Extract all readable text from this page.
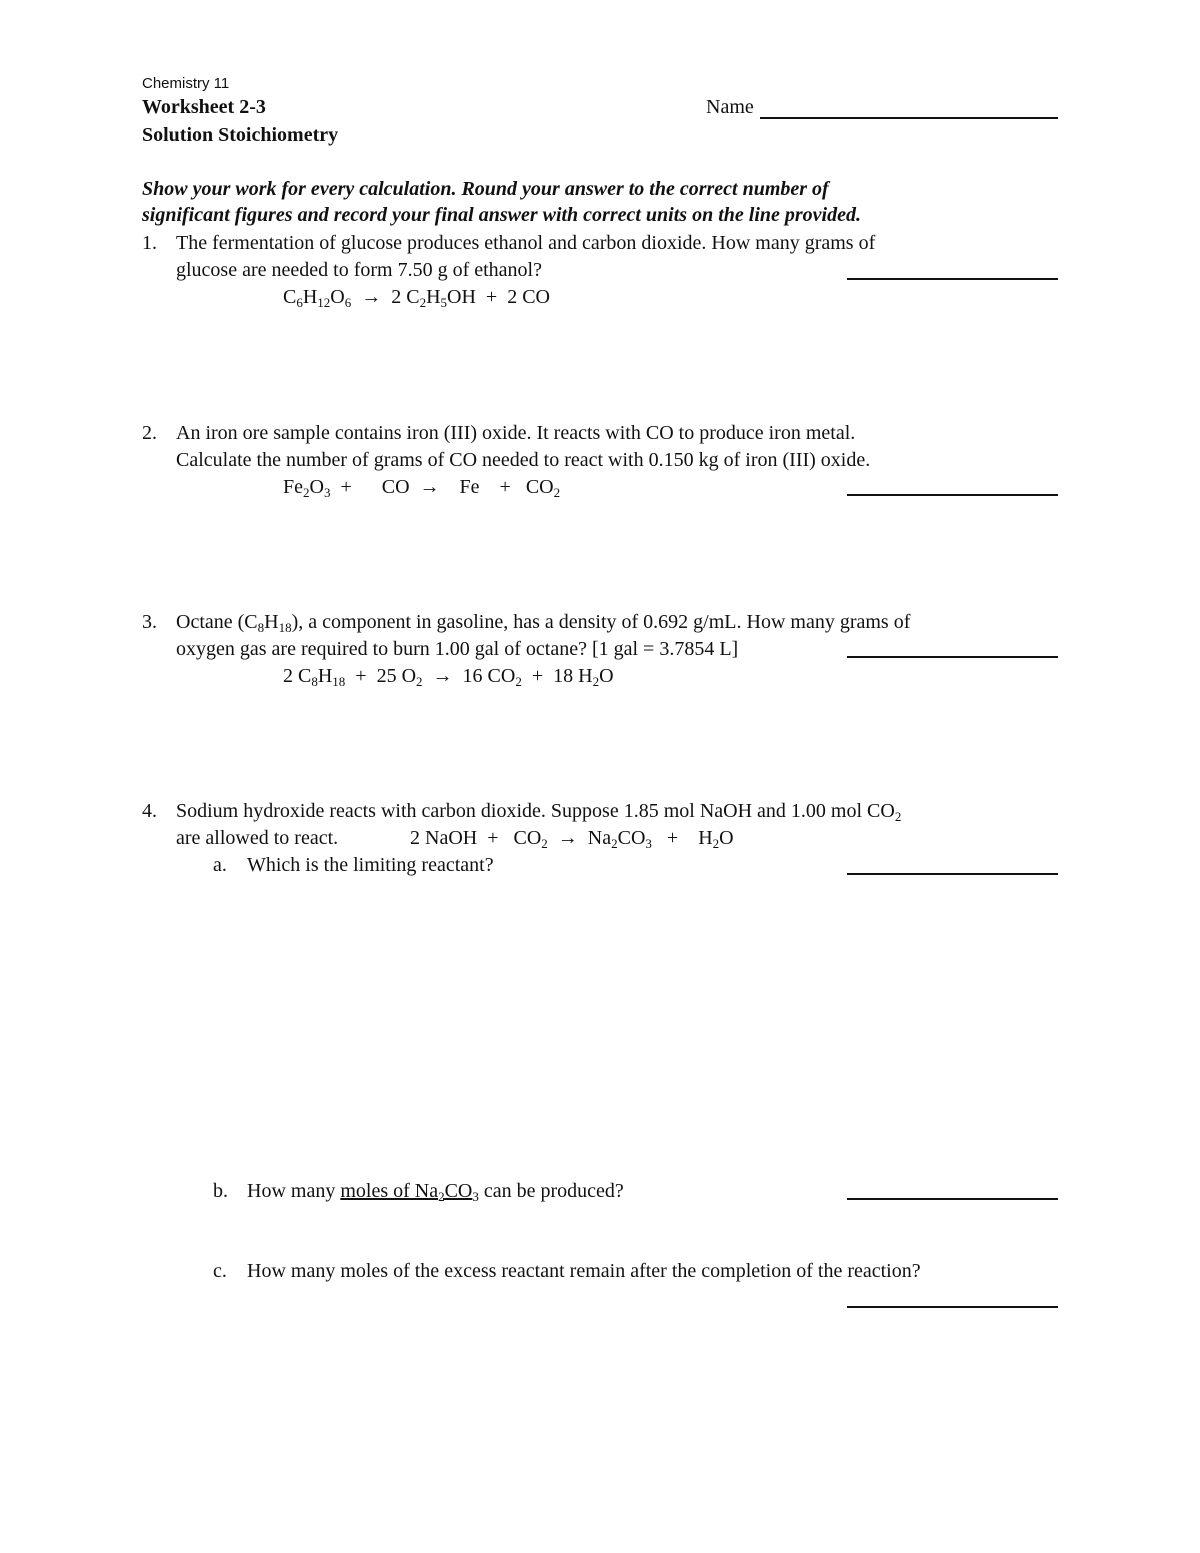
Chemistry 11
Worksheet 2-3
Solution Stoichiometry
Name
Show your work for every calculation. Round your answer to the correct number of
significant figures and record your final answer with correct units on the line provided.
1. The fermentation of glucose produces ethanol and carbon dioxide. How many grams of
glucose are needed to form 7.50 g of ethanol?
$C_6H_{12}O_6 \to 2$ $C_2H_5OH + 2$ CO
2. An iron ore sample contains iron (III) oxide. It reacts with CO to produce iron metal.
Calculate the number of grams of CO needed to react with 0.150 kg of iron (III) oxide.
$Fe_2O_3$ + CO → $Fe + CO_2$
3. Octane $(C_8H_{18})$, a component in gasoline, has a density of 0.692 g/mL. How many grams of
oxygen gas are required to burn 1.00 gal of octane? [1 gal = 3.7854 L]
2 $C_8H_{18} + 25$ $O_2 \to 16$ $CO_2 + 18$ $H_2O$
4. Sodium hydroxide reacts with carbon dioxide. Suppose 1.85 mol NaOH and 1.00 mol $CO_2$
are allowed to react.	2 NaOH  +   $CO_2 \to Na_2CO_3 + H_2O$
a. Which is the limiting reactant?
b. How many moles of $Na_2CO_3$ can be produced?
c. How many moles of the excess reactant remain after the completion of the reaction?
